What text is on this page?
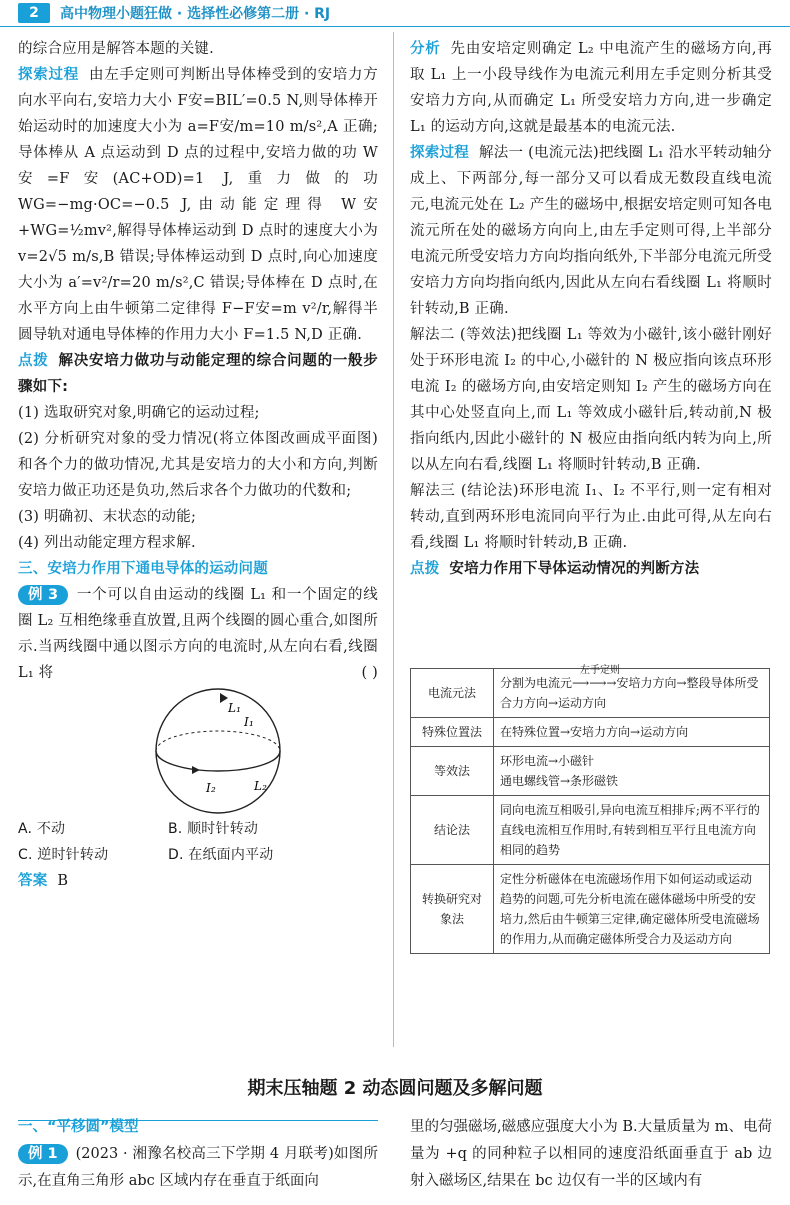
2	高中物理小题狂做 · 选择性必修第二册 · RJ

的综合应用是解答本题的关键.

探索过程 由左手定则可判断出导体棒受到的安培力方向水平向右,安培力大小 F安=BIL′=0.5 N,则导体棒开始运动时的加速度大小为 a=F安/m=10 m/s²,A 正确;导体棒从 A 点运动到 D 点的过程中,安培力做的功 W安=F安(AC+OD)=1 J,重力做的功 WG=−mg·OC=−0.5 J,由动能定理得 W安+WG=½mv²,解得导体棒运动到 D 点时的速度大小为 v=2√5 m/s,B 错误;导体棒运动到 D 点时,向心加速度大小为 a′=v²/r=20 m/s²,C 错误;导体棒在 D 点时,在水平方向上由牛顿第二定律得 F−F安=m v²/r,解得半圆导轨对通电导体棒的作用力大小 F=1.5 N,D 正确.

点拨 解决安培力做功与动能定理的综合问题的一般步骤如下:

(1) 选取研究对象,明确它的运动过程;

(2) 分析研究对象的受力情况(将立体图改画成平面图)和各个力的做功情况,尤其是安培力的大小和方向,判断安培力做正功还是负功,然后求各个力做功的代数和;

(3) 明确初、末状态的动能;

(4) 列出动能定理方程求解.

三、安培力作用下通电导体的运动问题

例 3 一个可以自由运动的线圈 L₁ 和一个固定的线圈 L₂ 互相绝缘垂直放置,且两个线圈的圆心重合,如图所示.当两线圈中通以图示方向的电流时,从左向右看,线圈 L₁ 将	( )

L₁
I₁
I₂	L₂
A. 不动	B. 顺时针转动
C. 逆时针转动	D. 在纸面内平动

答案 B

分析 先由安培定则确定 L₂ 中电流产生的磁场方向,再取 L₁ 上一小段导线作为电流元利用左手定则分析其受安培力方向,从而确定 L₁ 所受安培力方向,进一步确定 L₁ 的运动方向,这就是最基本的电流元法.

探索过程 解法一 (电流元法)把线圈 L₁ 沿水平转动轴分成上、下两部分,每一部分又可以看成无数段直线电流元,电流元处在 L₂ 产生的磁场中,根据安培定则可知各电流元所在处的磁场方向向上,由左手定则可得,上半部分电流元所受安培力方向均指向纸外,下半部分电流元所受安培力方向均指向纸内,因此从左向右看线圈 L₁ 将顺时针转动,B 正确.

解法二 (等效法)把线圈 L₁ 等效为小磁针,该小磁针刚好处于环形电流 I₂ 的中心,小磁针的 N 极应指向该点环形电流 I₂ 的磁场方向,由安培定则知 I₂ 产生的磁场方向在其中心处竖直向上,而 L₁ 等效成小磁针后,转动前,N 极指向纸内,因此小磁针的 N 极应由指向纸内转为向上,所以从左向右看,线圈 L₁ 将顺时针转动,B 正确.

解法三 (结论法)环形电流 I₁、I₂ 不平行,则一定有相对转动,直到两环形电流同向平行为止.由此可得,从左向右看,线圈 L₁ 将顺时针转动,B 正确.

点拨 安培力作用下导体运动情况的判断方法

电流元法	分割为电流元
左手定则
⟶⟶→安培力方向→整段导体所受合力方向→运动方向
特殊位置法	在特殊位置→安培力方向→运动方向
等效法	环形电流→小磁针
通电螺线管→条形磁铁

结论法	同向电流互相吸引,异向电流互相排斥;两不平行的直线电流相互作用时,有转到相互平行且电流方向相同的趋势
转换研究对象法	定性分析磁体在电流磁场作用下如何运动或运动趋势的问题,可先分析电流在磁体磁场中所受的安培力,然后由牛顿第三定律,确定磁体所受电流磁场的作用力,从而确定磁体所受合力及运动方向
期末压轴题 2 动态圆问题及多解问题

一、“平移圆”模型

例 1 (2023 · 湘豫名校高三下学期 4 月联考)如图所示,在直角三角形 abc 区域内存在垂直于纸面向

里的匀强磁场,磁感应强度大小为 B.大量质量为 m、电荷量为 +q 的同种粒子以相同的速度沿纸面垂直于 ab 边射入磁场区,结果在 bc 边仅有一半的区域内有
